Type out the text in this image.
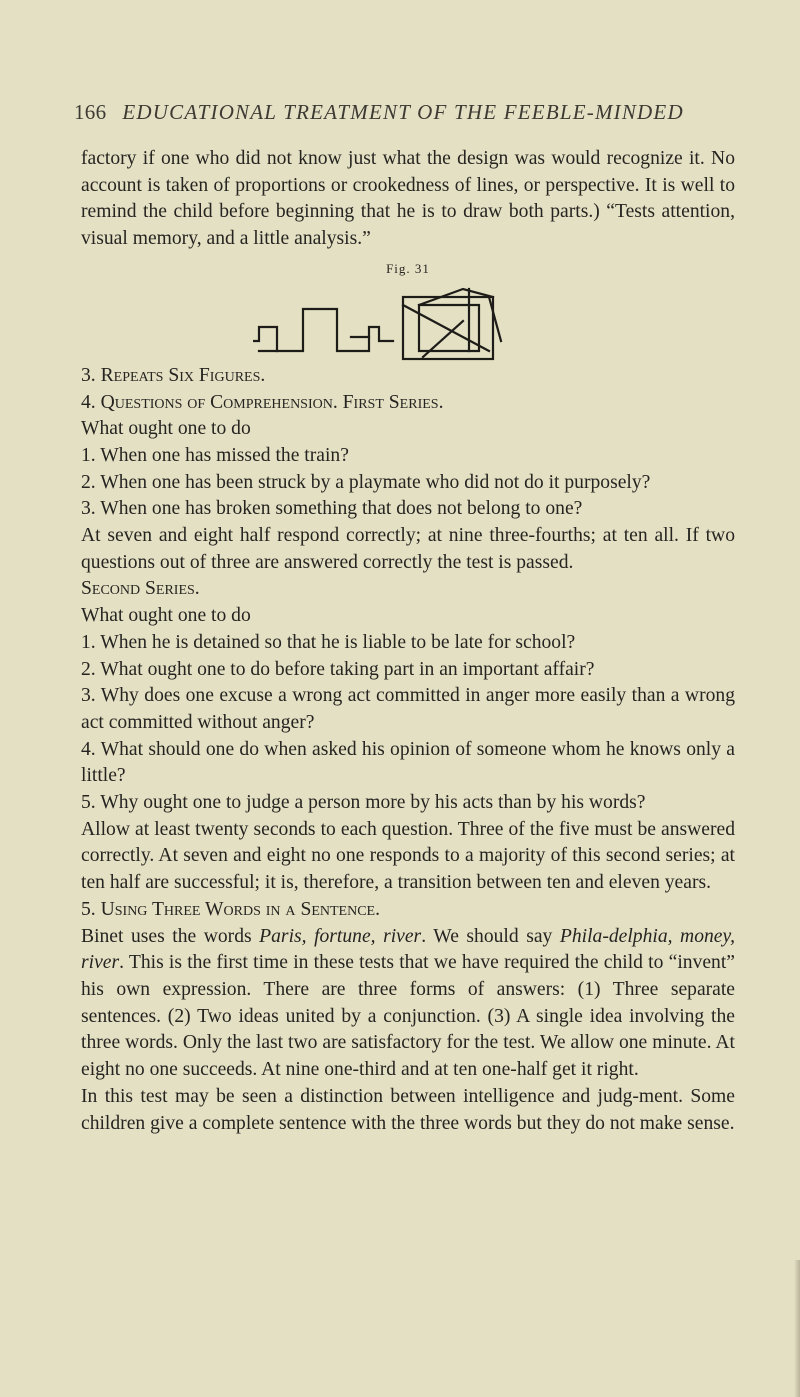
166 EDUCATIONAL TREATMENT OF THE FEEBLE-MINDED

factory if one who did not know just what the design was would recognize it. No account is taken of proportions or crookedness of lines, or perspective. It is well to remind the child before beginning that he is to draw both parts.) “Tests attention, visual memory, and a little analysis.”

Fig. 31

3. Repeats Six Figures.

4. Questions of Comprehension. First Series.

What ought one to do

1. When one has missed the train?

2. When one has been struck by a playmate who did not do it purposely?

3. When one has broken something that does not belong to one?

At seven and eight half respond correctly; at nine three-fourths; at ten all. If two questions out of three are answered correctly the test is passed.

Second Series.

What ought one to do

1. When he is detained so that he is liable to be late for school?

2. What ought one to do before taking part in an important affair?

3. Why does one excuse a wrong act committed in anger more easily than a wrong act committed without anger?

4. What should one do when asked his opinion of someone whom he knows only a little?

5. Why ought one to judge a person more by his acts than by his words?

Allow at least twenty seconds to each question. Three of the five must be answered correctly. At seven and eight no one responds to a majority of this second series; at ten half are successful; it is, therefore, a transition between ten and eleven years.

5. Using Three Words in a Sentence.

Binet uses the words Paris, fortune, river. We should say Phila-delphia, money, river. This is the first time in these tests that we have required the child to “invent” his own expression. There are three forms of answers: (1) Three separate sentences. (2) Two ideas united by a conjunction. (3) A single idea involving the three words. Only the last two are satisfactory for the test. We allow one minute. At eight no one succeeds. At nine one-third and at ten one-half get it right.

In this test may be seen a distinction between intelligence and judg-ment. Some children give a complete sentence with the three words but they do not make sense.
